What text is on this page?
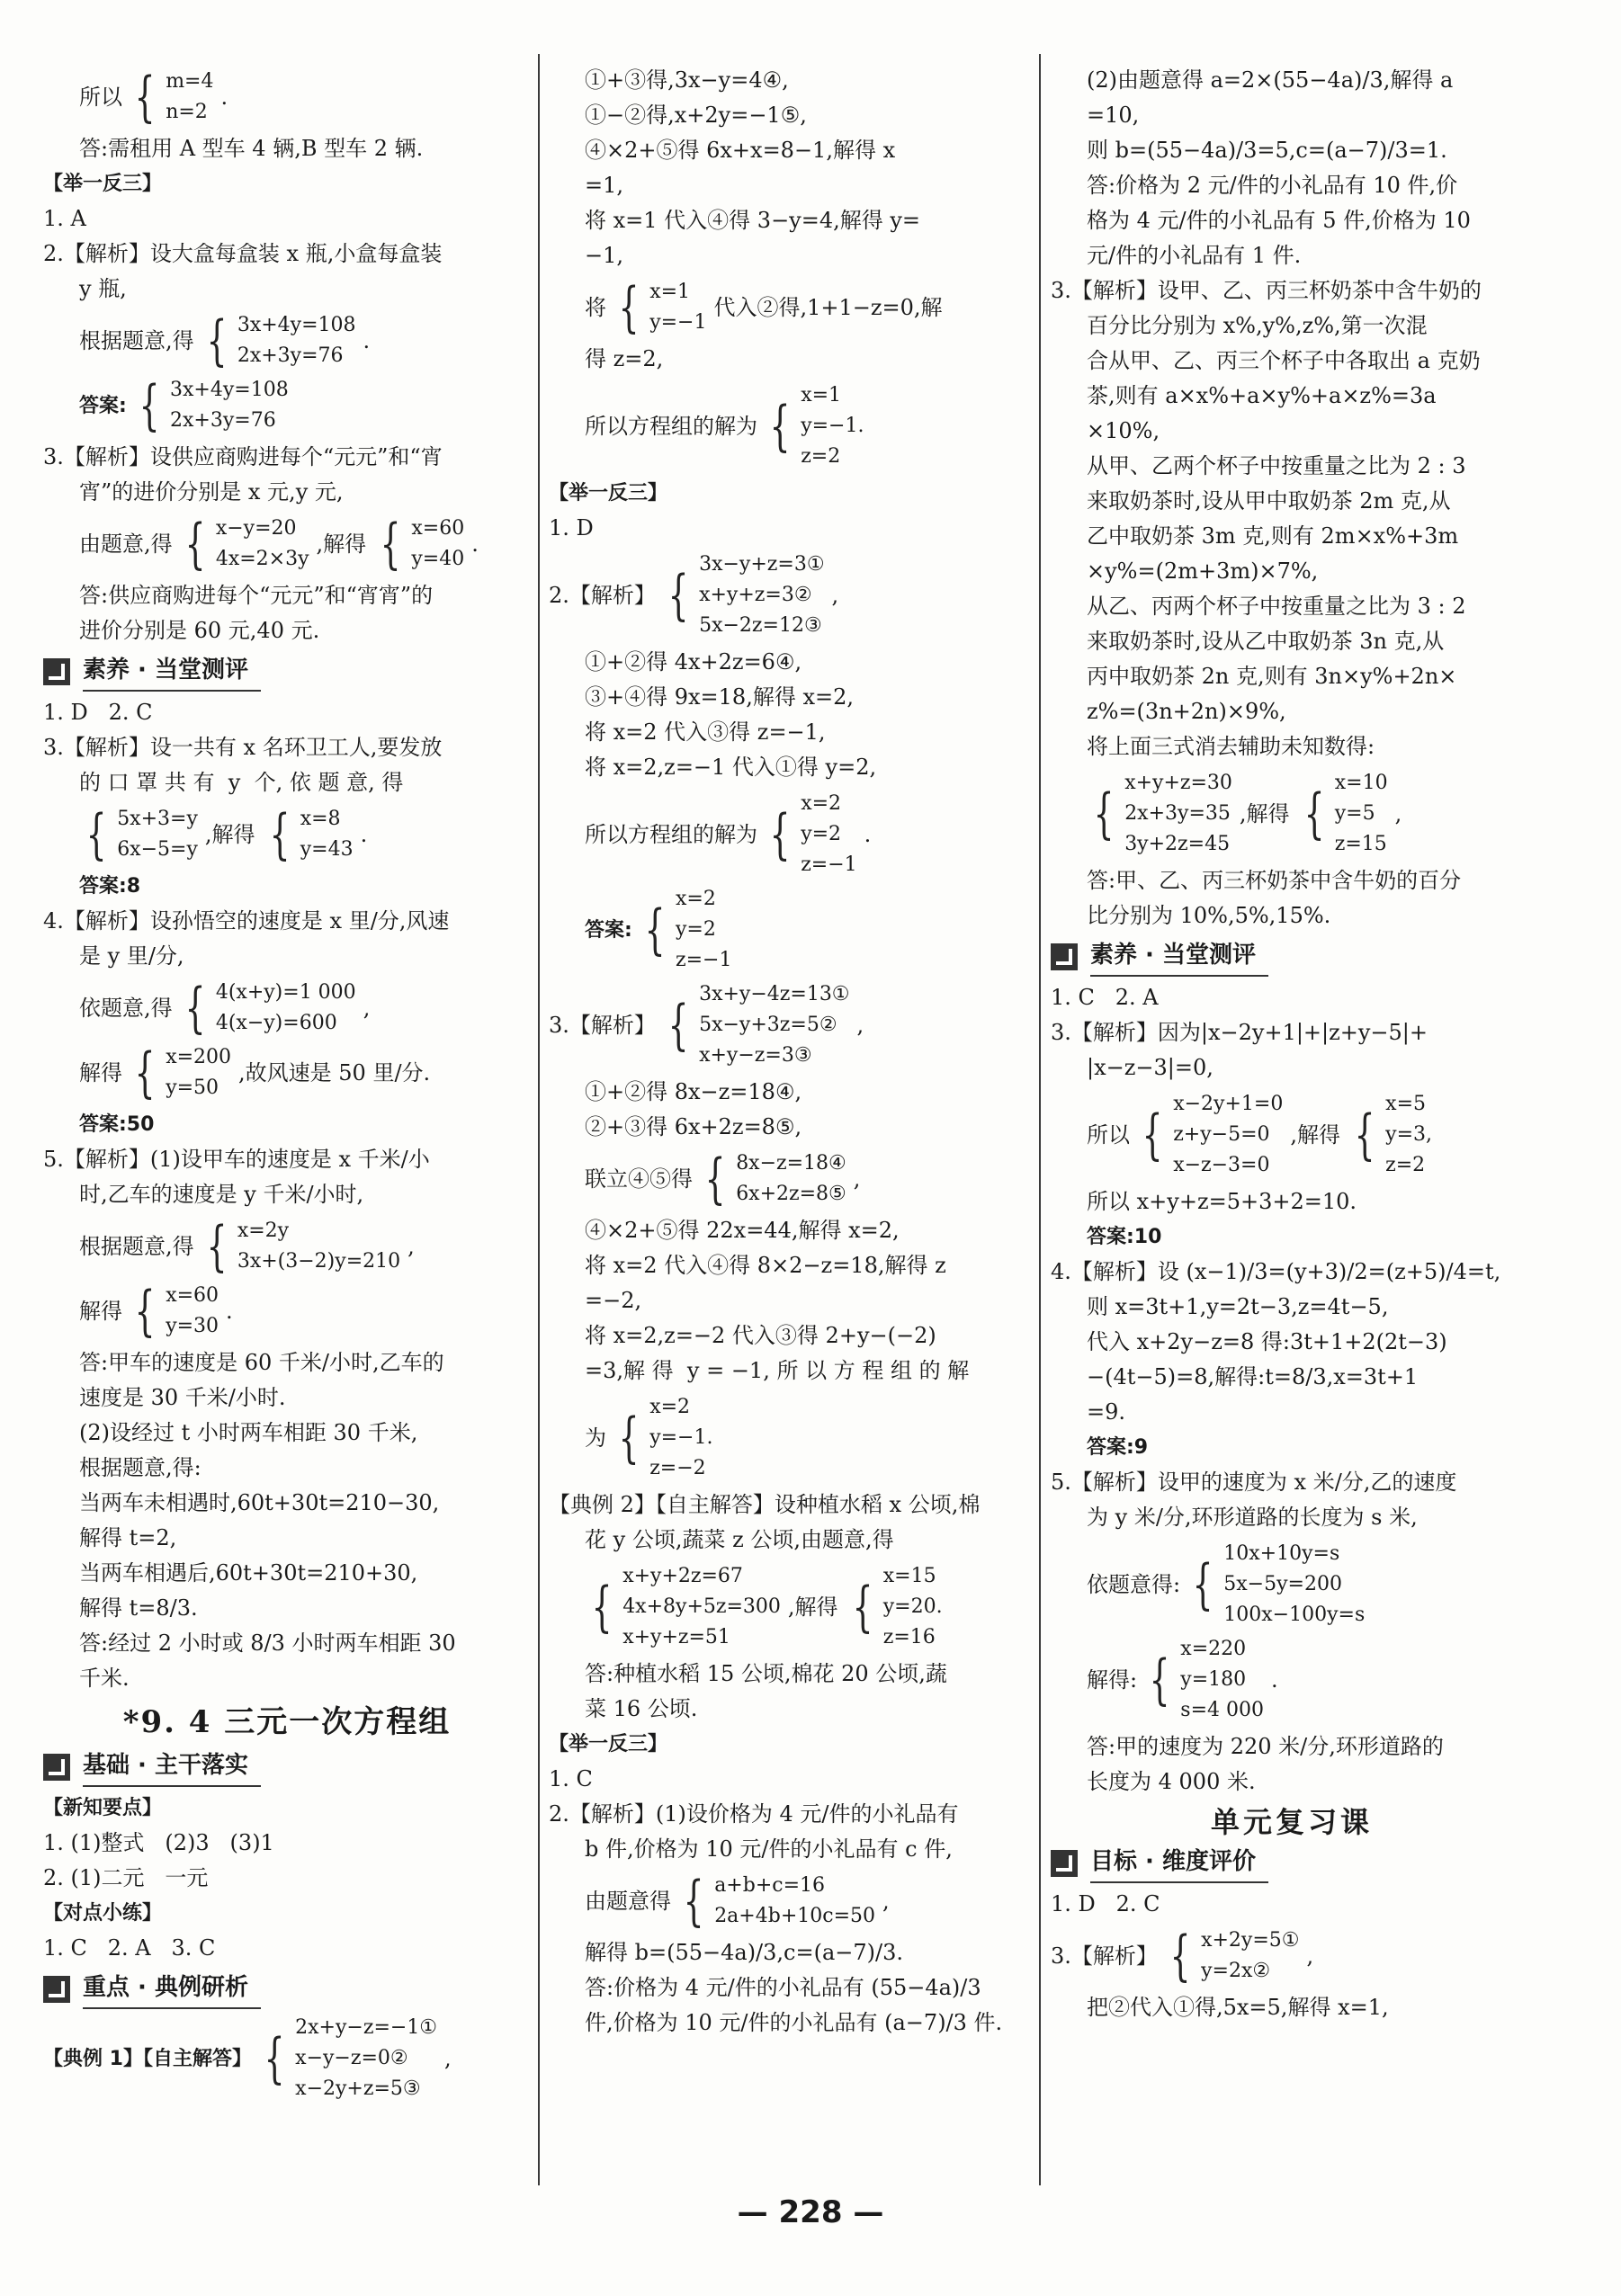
所以 { m=4
n=2
.

答:需租用 A 型车 4 辆,B 型车 2 辆.

【举一反三】

1. A

2.【解析】设大盒每盒装 x 瓶,小盒每盒装

y 瓶,

根据题意,得 { 3x+4y=108
2x+3y=76
.
答案: { 3x+4y=108
2x+3y=76

3.【解析】设供应商购进每个“元元”和“宵

宵”的进价分别是 x 元,y 元,

由题意,得 { x−y=20
4x=2×3y
,解得 { x=60
y=40
.

答:供应商购进每个“元元”和“宵宵”的

进价分别是 60 元,40 元.

素养 · 当堂测评

1. D   2. C

3.【解析】设一共有 x 名环卫工人,要发放

的 口 罩 共 有  y  个, 依 题 意, 得

{ 5x+3=y
6x−5=y
,解得 { x=8
y=43
.

答案:8

4.【解析】设孙悟空的速度是 x 里/分,风速

是 y 里/分,

依题意,得 { 4(x+y)=1 000
4(x−y)=600
,
解得 { x=200
y=50
,故风速是 50 里/分.

答案:50

5.【解析】(1)设甲车的速度是 x 千米/小

时,乙车的速度是 y 千米/小时,

根据题意,得 { x=2y
3x+(3−2)y=210
,
解得 { x=60
y=30
.

答:甲车的速度是 60 千米/小时,乙车的

速度是 30 千米/小时.

(2)设经过 t 小时两车相距 30 千米,

根据题意,得:

当两车未相遇时,60t+30t=210−30,

解得 t=2,

当两车相遇后,60t+30t=210+30,

解得 t=8/3.

答:经过 2 小时或 8/3 小时两车相距 30

千米.

*9. 4 三元一次方程组
基础 · 主干落实

【新知要点】

1. (1)整式   (2)3   (3)1

2. (1)二元   一元

【对点小练】

1. C   2. A   3. C

重点 · 典例研析
【典例 1】【自主解答】 { 2x+y−z=−1①
x−y−z=0②
x−2y+z=5③
,

①+③得,3x−y=4④,

①−②得,x+2y=−1⑤,

④×2+⑤得 6x+x=8−1,解得 x

=1,

将 x=1 代入④得 3−y=4,解得 y=

−1,

将 { x=1
y=−1
代入②得,1+1−z=0,解

得 z=2,

所以方程组的解为 { x=1
y=−1.
z=2

【举一反三】

1. D

2.【解析】 { 3x−y+z=3①
x+y+z=3②
5x−2z=12③
,

①+②得 4x+2z=6④,

③+④得 9x=18,解得 x=2,

将 x=2 代入③得 z=−1,

将 x=2,z=−1 代入①得 y=2,

所以方程组的解为 { x=2
y=2
z=−1
.
答案: { x=2
y=2
z=−1
3.【解析】 { 3x+y−4z=13①
5x−y+3z=5②
x+y−z=3③
,

①+②得 8x−z=18④,

②+③得 6x+2z=8⑤,

联立④⑤得 { 8x−z=18④
6x+2z=8⑤
,

④×2+⑤得 22x=44,解得 x=2,

将 x=2 代入④得 8×2−z=18,解得 z

=−2,

将 x=2,z=−2 代入③得 2+y−(−2)

=3,解 得  y = −1, 所 以 方 程 组 的 解

为 { x=2
y=−1.
z=−2

【典例 2】【自主解答】设种植水稻 x 公顷,棉

花 y 公顷,蔬菜 z 公顷,由题意,得

{ x+y+2z=67
4x+8y+5z=300
x+y+z=51
,解得 { x=15
y=20.
z=16

答:种植水稻 15 公顷,棉花 20 公顷,蔬

菜 16 公顷.

【举一反三】

1. C

2.【解析】(1)设价格为 4 元/件的小礼品有

b 件,价格为 10 元/件的小礼品有 c 件,

由题意得 { a+b+c=16
2a+4b+10c=50
,

解得 b=(55−4a)/3,c=(a−7)/3.

答:价格为 4 元/件的小礼品有 (55−4a)/3

件,价格为 10 元/件的小礼品有 (a−7)/3 件.

(2)由题意得 a=2×(55−4a)/3,解得 a

=10,

则 b=(55−4a)/3=5,c=(a−7)/3=1.

答:价格为 2 元/件的小礼品有 10 件,价

格为 4 元/件的小礼品有 5 件,价格为 10

元/件的小礼品有 1 件.

3.【解析】设甲、乙、丙三杯奶茶中含牛奶的

百分比分别为 x%,y%,z%,第一次混

合从甲、乙、丙三个杯子中各取出 a 克奶

茶,则有 a×x%+a×y%+a×z%=3a

×10%,

从甲、乙两个杯子中按重量之比为 2 : 3

来取奶茶时,设从甲中取奶茶 2m 克,从

乙中取奶茶 3m 克,则有 2m×x%+3m

×y%=(2m+3m)×7%,

从乙、丙两个杯子中按重量之比为 3 : 2

来取奶茶时,设从乙中取奶茶 3n 克,从

丙中取奶茶 2n 克,则有 3n×y%+2n×

z%=(3n+2n)×9%,

将上面三式消去辅助未知数得:

{ x+y+z=30
2x+3y=35
3y+2z=45
,解得 { x=10
y=5
z=15
,

答:甲、乙、丙三杯奶茶中含牛奶的百分

比分别为 10%,5%,15%.

素养 · 当堂测评

1. C   2. A

3.【解析】因为|x−2y+1|+|z+y−5|+

|x−z−3|=0,

所以 { x−2y+1=0
z+y−5=0
x−z−3=0
,解得 { x=5
y=3,
z=2

所以 x+y+z=5+3+2=10.

答案:10

4.【解析】设 (x−1)/3=(y+3)/2=(z+5)/4=t,

则 x=3t+1,y=2t−3,z=4t−5,

代入 x+2y−z=8 得:3t+1+2(2t−3)

−(4t−5)=8,解得:t=8/3,x=3t+1

=9.

答案:9

5.【解析】设甲的速度为 x 米/分,乙的速度

为 y 米/分,环形道路的长度为 s 米,

依题意得: { 10x+10y=s
5x−5y=200
100x−100y=s
解得: { x=220
y=180
s=4 000
.

答:甲的速度为 220 米/分,环形道路的

长度为 4 000 米.

单元复习课
目标 · 维度评价

1. D   2. C

3.【解析】 { x+2y=5①
y=2x②
,

把②代入①得,5x=5,解得 x=1,

— 228 —
